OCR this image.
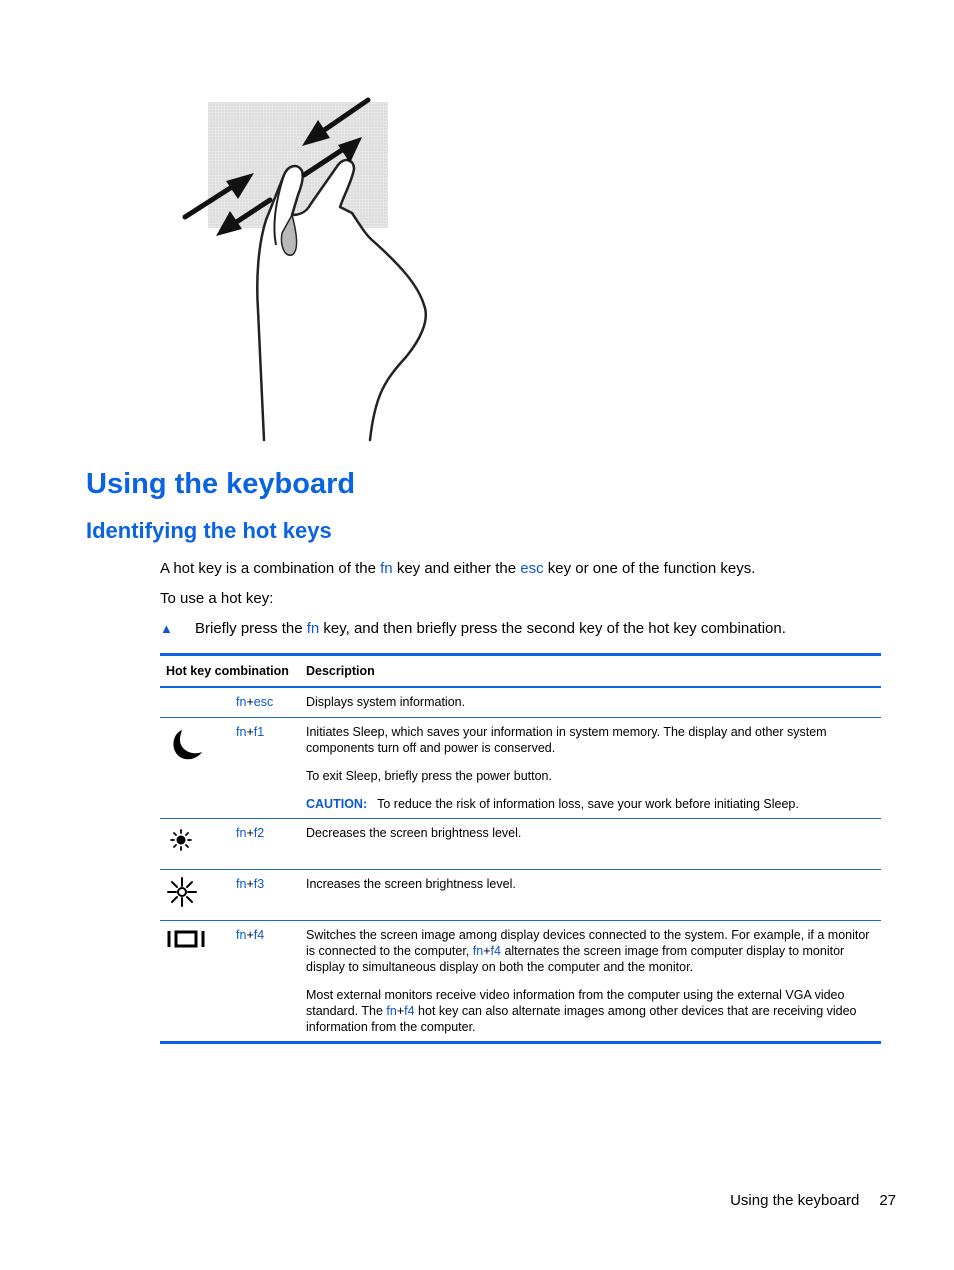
Using the keyboard
Identifying the hot keys

A hot key is a combination of the fn key and either the esc key or one of the function keys.

To use a hot key:

▲ Briefly press the fn key, and then briefly press the second key of the hot key combination.
Hot key combination		Description
	fn+esc	Displays system information.

	fn+f1	Initiates Sleep, which saves your information in system memory. The display and other system components turn off and power is conserved.

To exit Sleep, briefly press the power button.

CAUTION: To reduce the risk of information loss, save your work before initiating Sleep.

	fn+f2	Decreases the screen brightness level.

	fn+f3	Increases the screen brightness level.

	fn+f4	Switches the screen image among display devices connected to the system. For example, if a monitor is connected to the computer, fn+f4 alternates the screen image from computer display to monitor display to simultaneous display on both the computer and the monitor.

Most external monitors receive video information from the computer using the external VGA video standard. The fn+f4 hot key can also alternate images among other devices that are receiving video information from the computer.

Using the keyboard 27
